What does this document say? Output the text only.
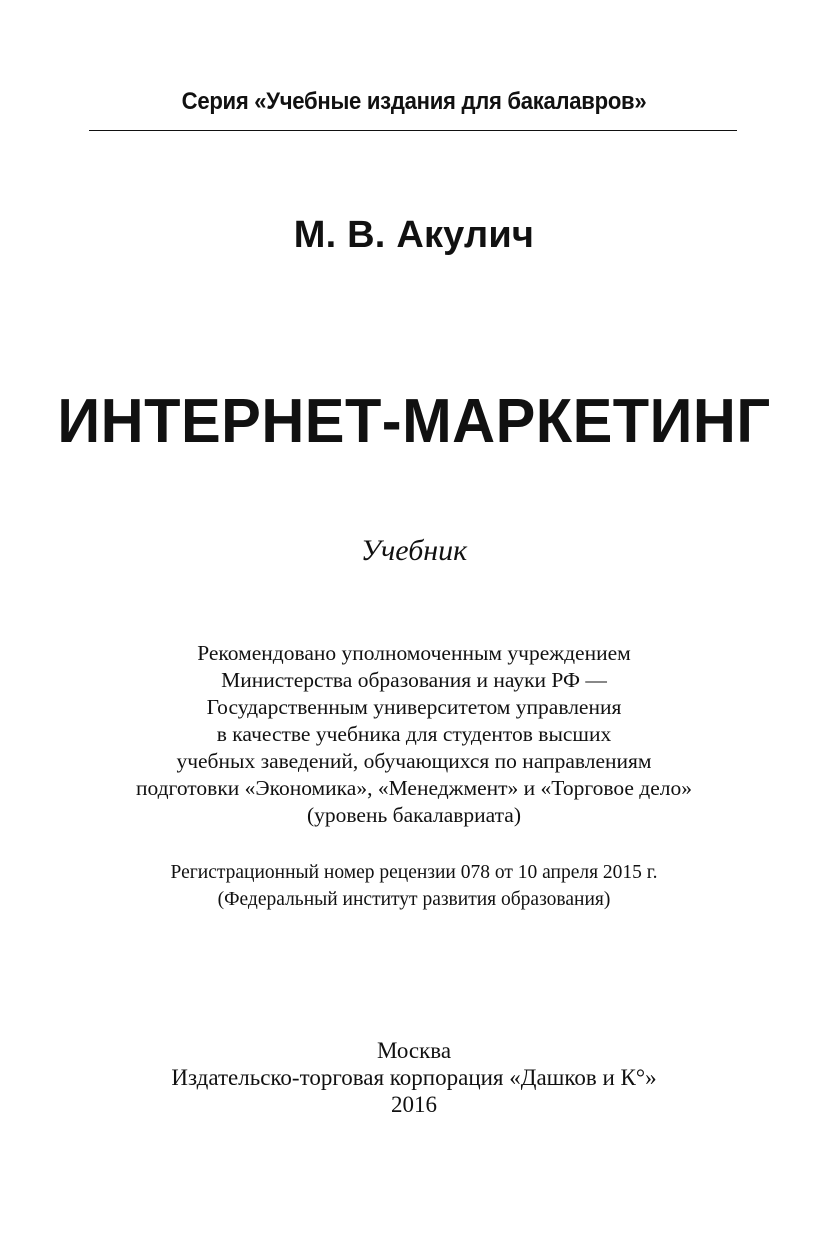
Серия «Учебные издания для бакалавров»
М. В. Акулич
ИНТЕРНЕТ-МАРКЕТИНГ
Учебник
Рекомендовано уполномоченным учреждением
Министерства образования и науки РФ —
Государственным университетом управления
в качестве учебника для студентов высших
учебных заведений, обучающихся по направлениям
подготовки «Экономика», «Менеджмент» и «Торговое дело»
(уровень бакалавриата)
Регистрационный номер рецензии 078 от 10 апреля 2015 г.
(Федеральный институт развития образования)
Москва
Издательско-торговая корпорация «Дашков и К°»
2016
